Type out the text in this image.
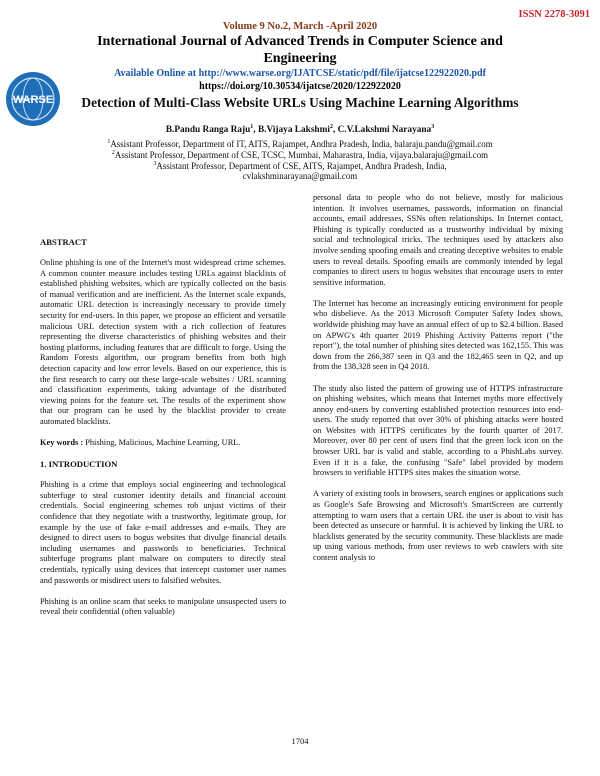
ISSN 2278-3091
WARSE
Volume 9 No.2, March -April 2020
International Journal of Advanced Trends in Computer Science and Engineering
Available Online at http://www.warse.org/IJATCSE/static/pdf/file/ijatcse122922020.pdf
https://doi.org/10.30534/ijatcse/2020/122922020
Detection of Multi-Class Website URLs Using Machine Learning Algorithms
B.Pandu Ranga Raju$^1$, B.Vijaya Lakshmi$^2$, C.V.Lakshmi Narayana$^3$
$^1$Assistant Professor, Department of IT, AITS, Rajampet, Andhra Pradesh, India, balaraju.pandu@gmail.com
$^2$Assistant Professor, Department of CSE, TCSC, Mumbai, Maharastra, India, vijaya.balaraju@gmail.com
$^3$Assistant Professor, Department of CSE, AITS, Rajampet, Andhra Pradesh, India,
cvlakshminarayana@gmail.com
ABSTRACT

Online phishing is one of the Internet's most widespread crime schemes. A common counter measure includes testing URLs against blacklists of established phishing websites, which are typically collected on the basis of manual verification and are inefficient. As the Internet scale expands, automatic URL detection is increasingly necessary to provide timely security for end-users. In this paper, we propose an efficient and versatile malicious URL detection system with a rich collection of features representing the diverse characteristics of phishing websites and their hosting platforms, including features that are difficult to forge. Using the Random Forests algorithm, our program benefits from both high detection capacity and low error levels. Based on our experience, this is the first research to carry out these large-scale websites / URL scanning and classification experiments, taking advantage of the distributed viewing points for the feature set. The results of the experiment show that our program can be used by the blacklist provider to create automated blacklists.

Key words : Phishing, Malicious, Machine Learning, URL.

1. INTRODUCTION

Phishing is a crime that employs social engineering and technological subterfuge to steal customer identity details and financial account credentials. Social engineering schemes rob unjust victims of their confidence that they negotiate with a trustworthy, legitimate group, for example by the use of fake e-mail addresses and e-mails. They are designed to direct users to bogus websites that divulge financial details including usernames and passwords to beneficiaries. Technical subterfuge programs plant malware on computers to directly steal credentials, typically using devices that intercept customer user names and passwords or misdirect users to falsified websites.

Phishing is an online scam that seeks to manipulate unsuspected users to reveal their confidential (often valuable)

personal data to people who do not believe, mostly for malicious intention. It involves usernames, passwords, information on financial accounts, email addresses, SSNs often relationships. In Internet contact, Phishing is typically conducted as a trustworthy individual by mixing social and technological tricks. The techniques used by attackers also involve sending spoofing emails and creating deceptive websites to enable users to reveal details. Spoofing emails are commonly intended by legal companies to direct users to bogus websites that encourage users to enter sensitive information.

The Internet has become an increasingly enticing environment for people who disbelieve. As the 2013 Microsoft Computer Safety Index shows, worldwide phishing may have an annual effect of up to $2.4 billion. Based on APWG's 4th quarter 2019 Phishing Activity Patterns report ("the report"), the total number of phishing sites detected was 162,155. This was down from the 266,387 seen in Q3 and the 182,465 seen in Q2, and up from the 138,328 seen in Q4 2018.

The study also listed the pattern of growing use of HTTPS infrastructure on phishing websites, which means that Internet myths more effectively annoy end-users by converting established protection resources into end-users. The study reported that over 30% of phishing attacks were hosted on Websites with HTTPS certificates by the fourth quarter of 2017. Moreover, over 80 per cent of users find that the green lock icon on the browser URL bar is valid and stable, according to a PhishLabs survey. Even if it is a fake, the confusing "Safe" label provided by modern browsers to verifiable HTTPS sites makes the situation worse.

A variety of existing tools in browsers, search engines or applications such as Google's Safe Browsing and Microsoft's SmartScreen are currently attempting to warn users that a certain URL the user is about to visit has been detected as unsecure or harmful. It is achieved by linking the URL to blacklists generated by the security community. These blacklists are made up using various methods, from user reviews to web crawlers with site content analysis to

1704
